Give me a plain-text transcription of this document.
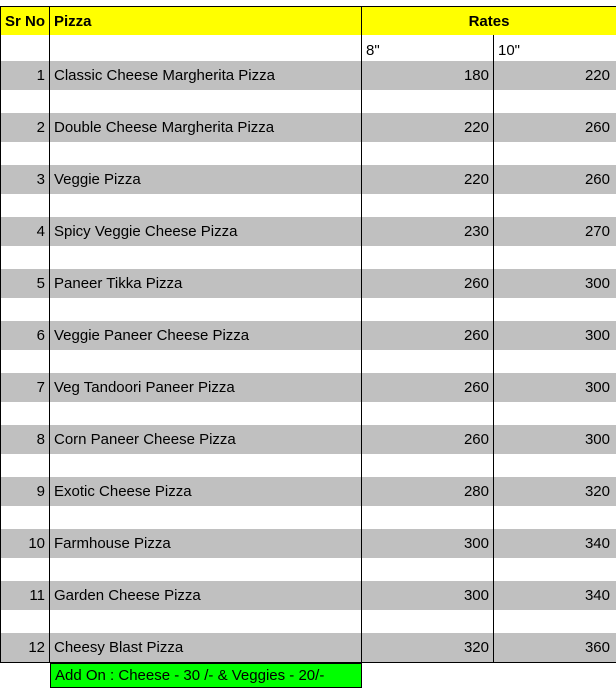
Sr No Pizza	Rates
8"	10"
1 Classic Cheese Margherita Pizza	180	220
2 Double Cheese Margherita Pizza	220	260
3 Veggie Pizza	220	260
4 Spicy Veggie Cheese Pizza	230	270
5 Paneer Tikka Pizza	260	300
6 Veggie Paneer Cheese Pizza	260	300
7 Veg Tandoori Paneer Pizza	260	300
8 Corn Paneer Cheese Pizza	260	300
9 Exotic Cheese Pizza	280	320
10 Farmhouse Pizza	300	340
11 Garden Cheese Pizza	300	340
12 Cheesy Blast Pizza	320	360
Add On : Cheese - 30 /- & Veggies - 20/-
